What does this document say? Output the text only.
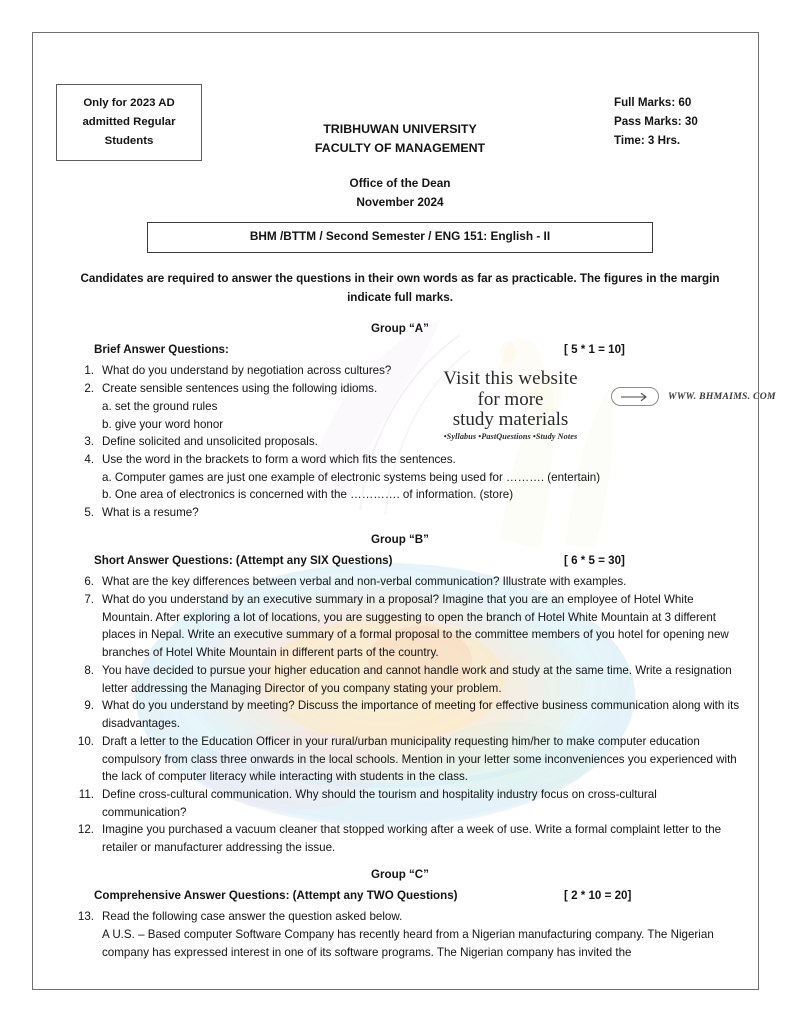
Visit this website
for more
study materials
•Syllabus •PastQuestions •Study Notes
WWW. BHMAIMS. COM
Only for 2023 AD
admitted Regular
Students
Full Marks: 60
Pass Marks: 30
Time: 3 Hrs.
TRIBHUWAN UNIVERSITY
FACULTY OF MANAGEMENT
Office of the Dean
November 2024
BHM /BTTM / Second Semester / ENG 151: English - II
Candidates are required to answer the questions in their own words as far as practicable. The figures in the margin indicate full marks.
Group “A”
Brief Answer Questions:	[ 5 * 1 = 10]
1. What do you understand by negotiation across cultures?
2. Create sensible sentences using the following idioms.
a. set the ground rules
b. give your word honor
3. Define solicited and unsolicited proposals.
4. Use the word in the brackets to form a word which fits the sentences.
a. Computer games are just one example of electronic systems being used for ………. (entertain)
b. One area of electronics is concerned with the …………. of information. (store)
5. What is a resume?
Group “B”
Short Answer Questions: (Attempt any SIX Questions)	[ 6 * 5 = 30]
6. What are the key differences between verbal and non-verbal communication? Illustrate with examples.
7. What do you understand by an executive summary in a proposal? Imagine that you are an employee of Hotel White Mountain. After exploring a lot of locations, you are suggesting to open the branch of Hotel White Mountain at 3 different places in Nepal. Write an executive summary of a formal proposal to the committee members of you hotel for opening new branches of Hotel White Mountain in different parts of the country.
8. You have decided to pursue your higher education and cannot handle work and study at the same time. Write a resignation letter addressing the Managing Director of you company stating your problem.
9. What do you understand by meeting? Discuss the importance of meeting for effective business communication along with its disadvantages.
10. Draft a letter to the Education Officer in your rural/urban municipality requesting him/her to make computer education compulsory from class three onwards in the local schools. Mention in your letter some inconveniences you experienced with the lack of computer literacy while interacting with students in the class.
11. Define cross-cultural communication. Why should the tourism and hospitality industry focus on cross-cultural communication?
12. Imagine you purchased a vacuum cleaner that stopped working after a week of use. Write a formal complaint letter to the retailer or manufacturer addressing the issue.
Group “C”
Comprehensive Answer Questions: (Attempt any TWO Questions)	[ 2 * 10 = 20]
13. Read the following case answer the question asked below.
A U.S. – Based computer Software Company has recently heard from a Nigerian manufacturing company. The Nigerian company has expressed interest in one of its software programs. The Nigerian company has invited the
